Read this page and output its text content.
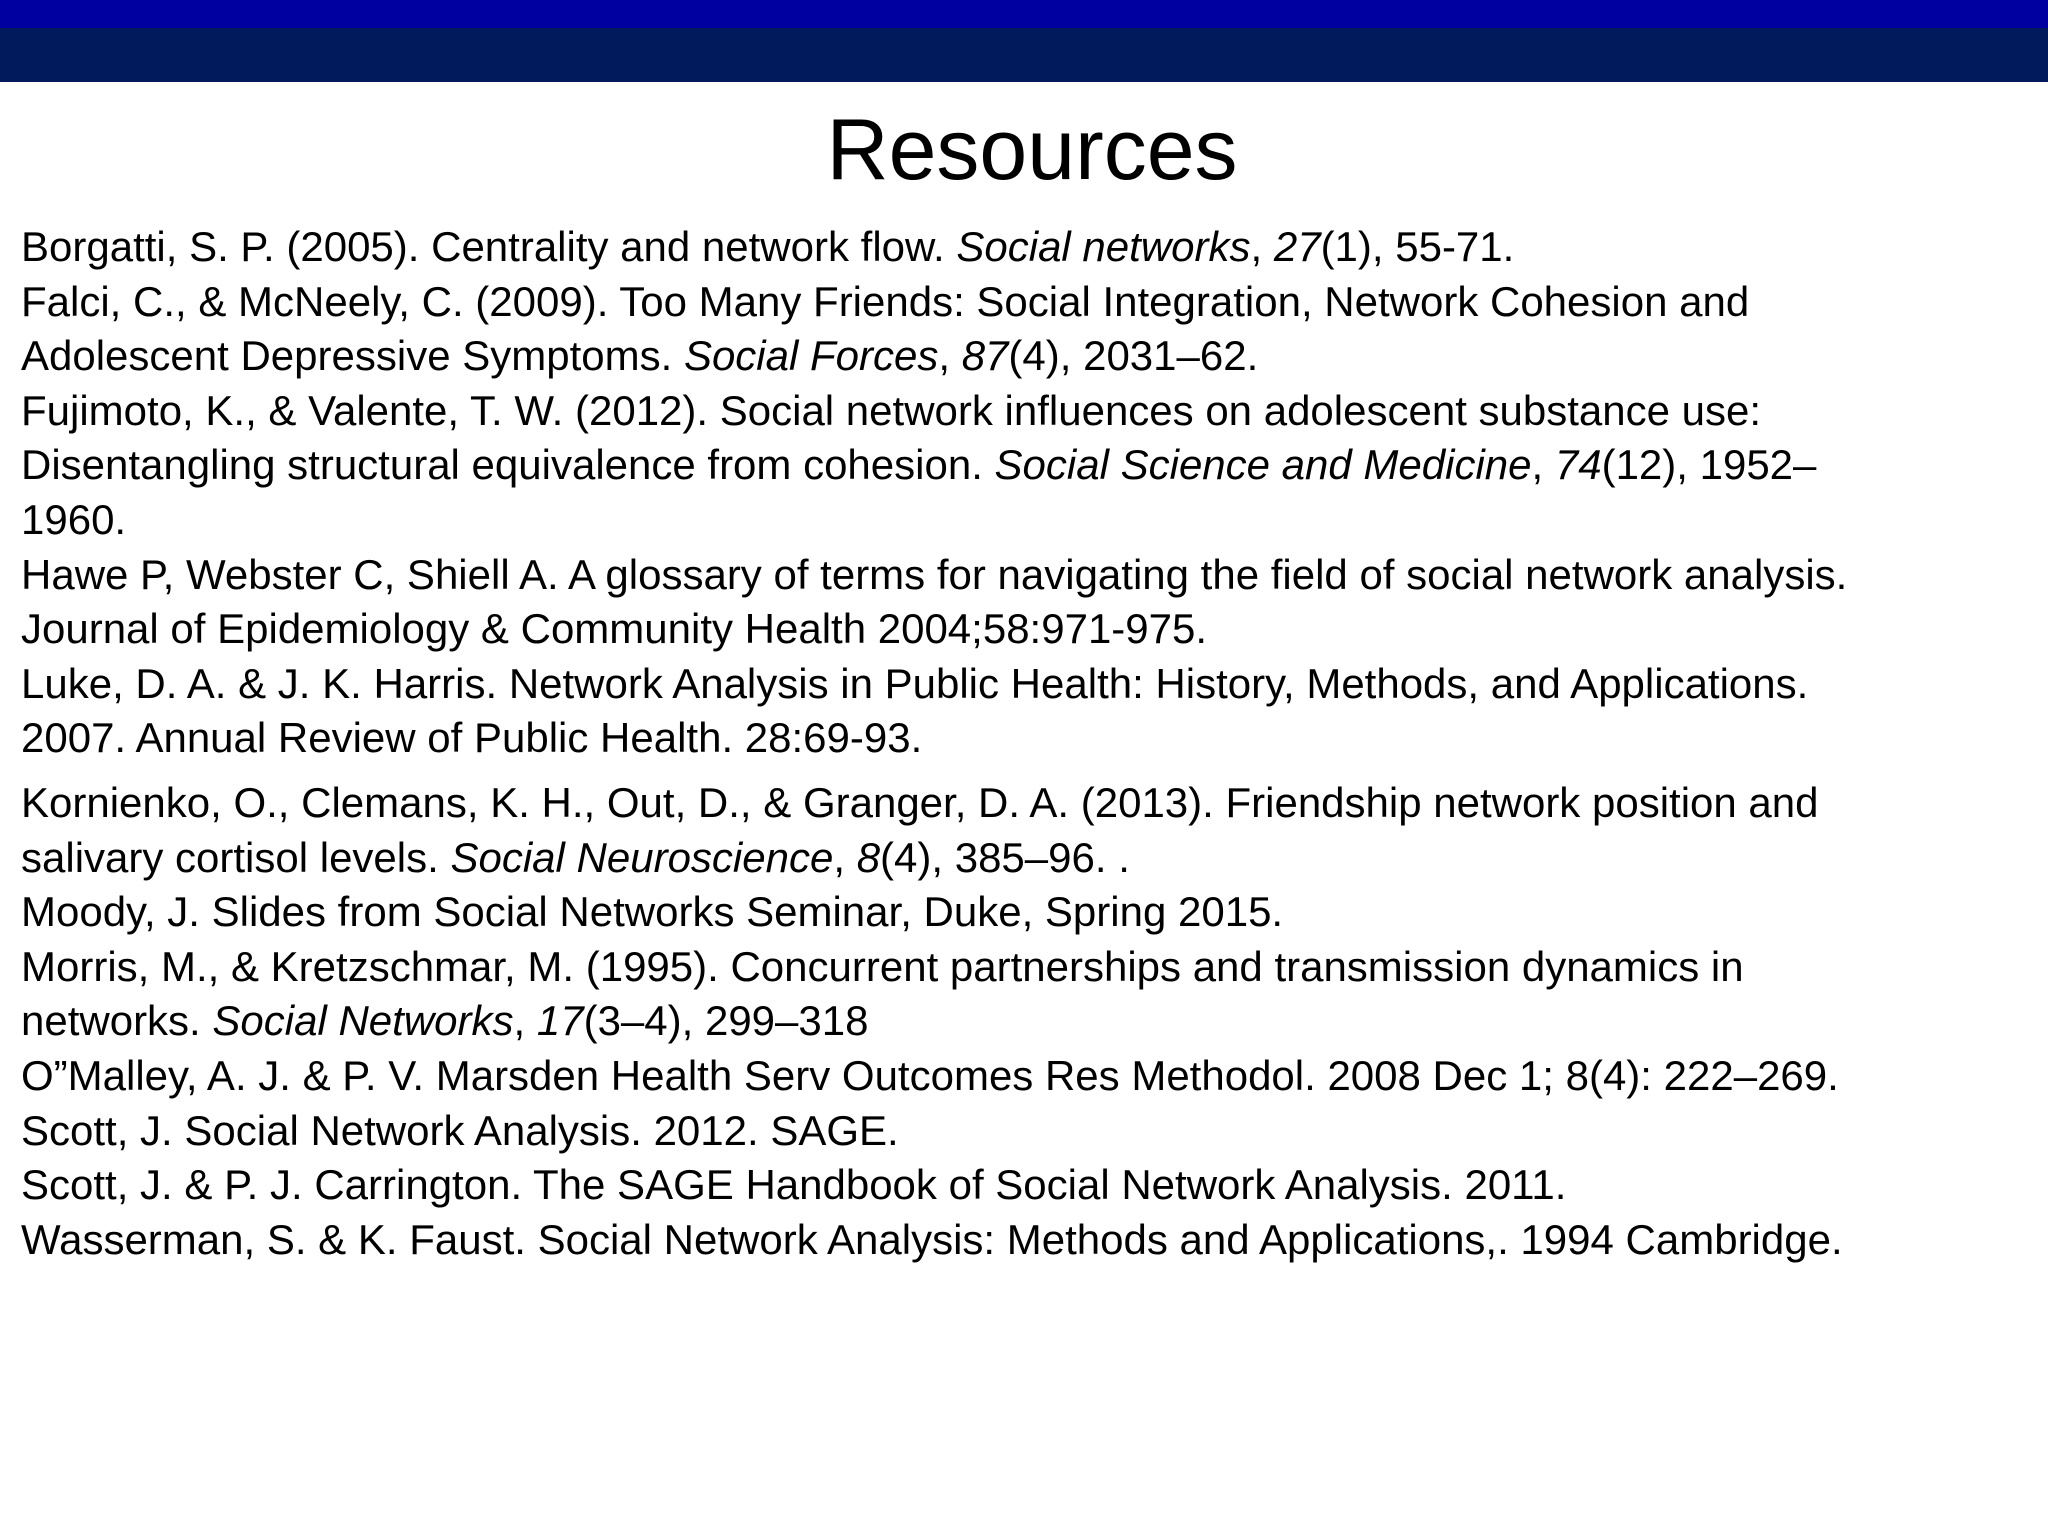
Resources

Borgatti, S. P. (2005). Centrality and network flow. Social networks, 27(1), 55-71.

Falci, C., & McNeely, C. (2009). Too Many Friends: Social Integration, Network Cohesion and
Adolescent Depressive Symptoms. Social Forces, 87(4), 2031–62.

Fujimoto, K., & Valente, T. W. (2012). Social network influences on adolescent substance use:
Disentangling structural equivalence from cohesion. Social Science and Medicine, 74(12), 1952–
1960.

Hawe P, Webster C, Shiell A. A glossary of terms for navigating the field of social network analysis.
Journal of Epidemiology & Community Health 2004;58:971-975.

Luke, D. A. & J. K. Harris. Network Analysis in Public Health: History, Methods, and Applications.
2007. Annual Review of Public Health. 28:69-93.

Kornienko, O., Clemans, K. H., Out, D., & Granger, D. A. (2013). Friendship network position and
salivary cortisol levels. Social Neuroscience, 8(4), 385–96. .

Moody, J. Slides from Social Networks Seminar, Duke, Spring 2015.

Morris, M., & Kretzschmar, M. (1995). Concurrent partnerships and transmission dynamics in
networks. Social Networks, 17(3–4), 299–318

O”Malley, A. J. & P. V. Marsden Health Serv Outcomes Res Methodol. 2008 Dec 1; 8(4): 222–269.

Scott, J. Social Network Analysis. 2012. SAGE.

Scott, J. & P. J. Carrington. The SAGE Handbook of Social Network Analysis. 2011.

Wasserman, S. & K. Faust. Social Network Analysis: Methods and Applications,. 1994 Cambridge.
